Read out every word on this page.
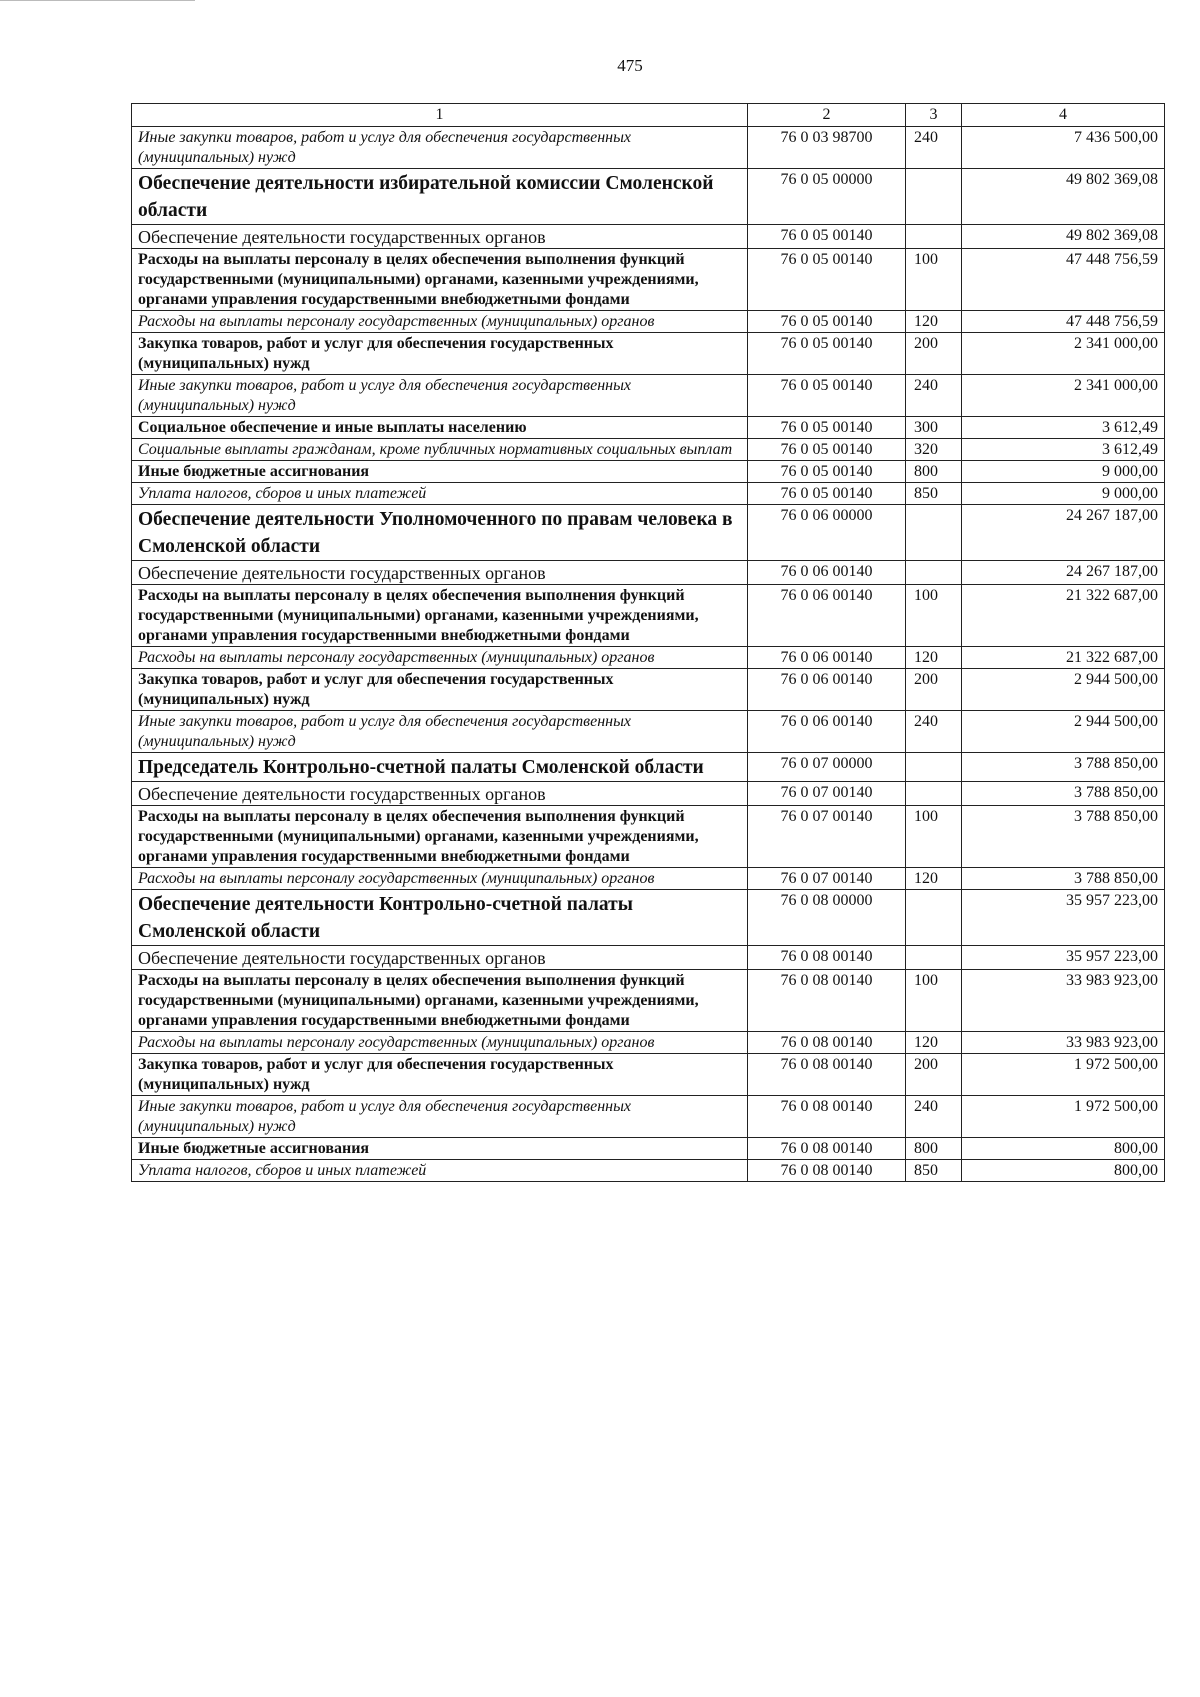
475
1	2	3	4
Иные закупки товаров, работ и услуг для обеспечения государственных (муниципальных) нужд	76 0 03 98700	240	7 436 500,00
Обеспечение деятельности избирательной комиссии Смоленской области	76 0 05 00000		49 802 369,08
Обеспечение деятельности государственных органов	76 0 05 00140		49 802 369,08
Расходы на выплаты персоналу в целях обеспечения выполнения функций государственными (муниципальными) органами, казенными учреждениями, органами управления государственными внебюджетными фондами	76 0 05 00140	100	47 448 756,59
Расходы на выплаты персоналу государственных (муниципальных) органов	76 0 05 00140	120	47 448 756,59
Закупка товаров, работ и услуг для обеспечения государственных (муниципальных) нужд	76 0 05 00140	200	2 341 000,00
Иные закупки товаров, работ и услуг для обеспечения государственных (муниципальных) нужд	76 0 05 00140	240	2 341 000,00
Социальное обеспечение и иные выплаты населению	76 0 05 00140	300	3 612,49
Социальные выплаты гражданам, кроме публичных нормативных социальных выплат	76 0 05 00140	320	3 612,49
Иные бюджетные ассигнования	76 0 05 00140	800	9 000,00
Уплата налогов, сборов и иных платежей	76 0 05 00140	850	9 000,00
Обеспечение деятельности Уполномоченного по правам человека в Смоленской области	76 0 06 00000		24 267 187,00
Обеспечение деятельности государственных органов	76 0 06 00140		24 267 187,00
Расходы на выплаты персоналу в целях обеспечения выполнения функций государственными (муниципальными) органами, казенными учреждениями, органами управления государственными внебюджетными фондами	76 0 06 00140	100	21 322 687,00
Расходы на выплаты персоналу государственных (муниципальных) органов	76 0 06 00140	120	21 322 687,00
Закупка товаров, работ и услуг для обеспечения государственных (муниципальных) нужд	76 0 06 00140	200	2 944 500,00
Иные закупки товаров, работ и услуг для обеспечения государственных (муниципальных) нужд	76 0 06 00140	240	2 944 500,00
Председатель Контрольно-счетной палаты Смоленской области	76 0 07 00000		3 788 850,00
Обеспечение деятельности государственных органов	76 0 07 00140		3 788 850,00
Расходы на выплаты персоналу в целях обеспечения выполнения функций государственными (муниципальными) органами, казенными учреждениями, органами управления государственными внебюджетными фондами	76 0 07 00140	100	3 788 850,00
Расходы на выплаты персоналу государственных (муниципальных) органов	76 0 07 00140	120	3 788 850,00
Обеспечение деятельности Контрольно-счетной палаты Смоленской области	76 0 08 00000		35 957 223,00
Обеспечение деятельности государственных органов	76 0 08 00140		35 957 223,00
Расходы на выплаты персоналу в целях обеспечения выполнения функций государственными (муниципальными) органами, казенными учреждениями, органами управления государственными внебюджетными фондами	76 0 08 00140	100	33 983 923,00
Расходы на выплаты персоналу государственных (муниципальных) органов	76 0 08 00140	120	33 983 923,00
Закупка товаров, работ и услуг для обеспечения государственных (муниципальных) нужд	76 0 08 00140	200	1 972 500,00
Иные закупки товаров, работ и услуг для обеспечения государственных (муниципальных) нужд	76 0 08 00140	240	1 972 500,00
Иные бюджетные ассигнования	76 0 08 00140	800	800,00
Уплата налогов, сборов и иных платежей	76 0 08 00140	850	800,00
